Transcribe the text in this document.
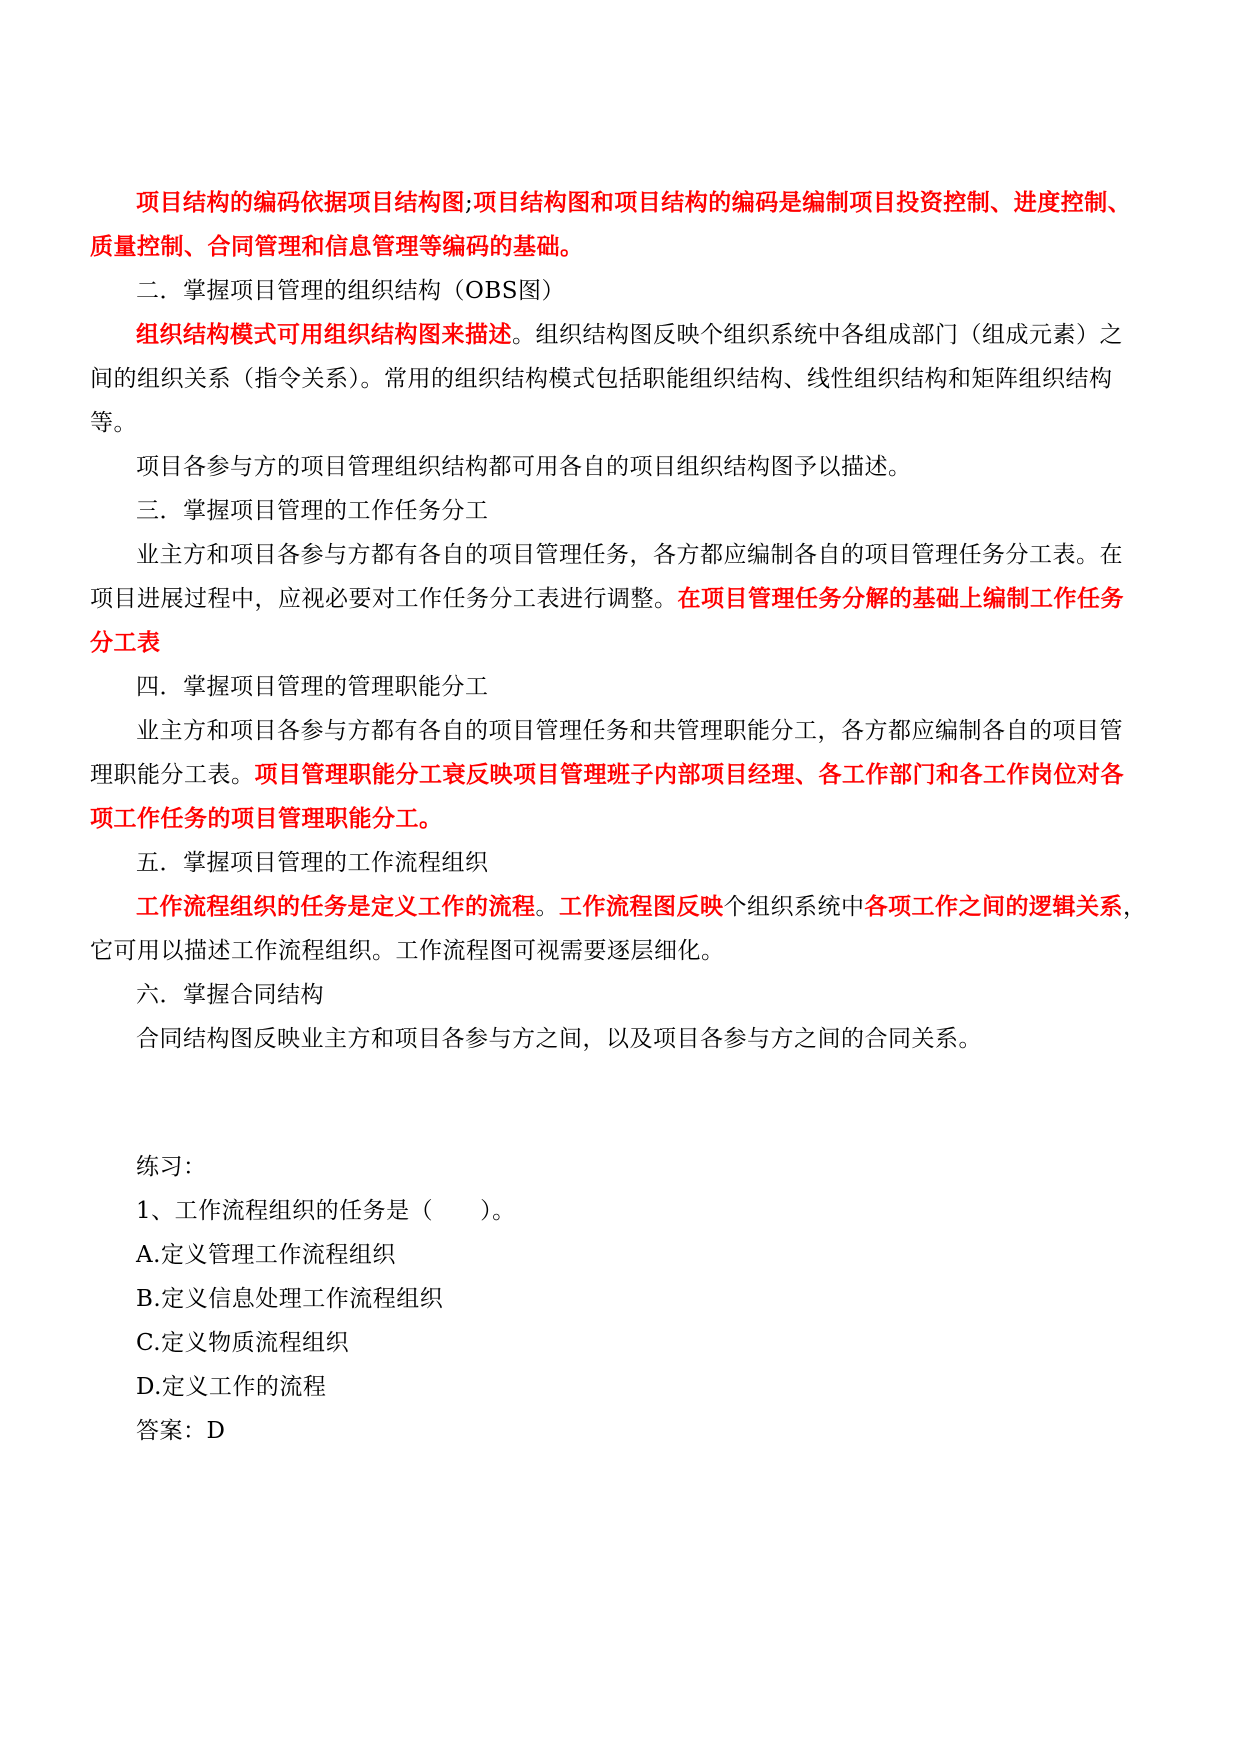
项目结构的编码依据项目结构图;项目结构图和项目结构的编码是编制项目投资控制、进度控制、
质量控制、合同管理和信息管理等编码的基础。
二．掌握项目管理的组织结构（OBS图）
组织结构模式可用组织结构图来描述。组织结构图反映个组织系统中各组成部门（组成元素）之
间的组织关系（指令关系）。常用的组织结构模式包括职能组织结构、线性组织结构和矩阵组织结构
等。
项目各参与方的项目管理组织结构都可用各自的项目组织结构图予以描述。
三．掌握项目管理的工作任务分工
业主方和项目各参与方都有各自的项目管理任务，各方都应编制各自的项目管理任务分工表。在
项目进展过程中，应视必要对工作任务分工表进行调整。在项目管理任务分解的基础上编制工作任务
分工表
四．掌握项目管理的管理职能分工
业主方和项目各参与方都有各自的项目管理任务和共管理职能分工，各方都应编制各自的项目管
理职能分工表。项目管理职能分工衰反映项目管理班子内部项目经理、各工作部门和各工作岗位对各
项工作任务的项目管理职能分工。
五．掌握项目管理的工作流程组织
工作流程组织的任务是定义工作的流程。工作流程图反映个组织系统中各项工作之间的逻辑关系，
它可用以描述工作流程组织。工作流程图可视需要逐层细化。
六．掌握合同结构
合同结构图反映业主方和项目各参与方之间，以及项目各参与方之间的合同关系。
练习：
1、工作流程组织的任务是（　　）。
A.定义管理工作流程组织
B.定义信息处理工作流程组织
C.定义物质流程组织
D.定义工作的流程
答案：D
